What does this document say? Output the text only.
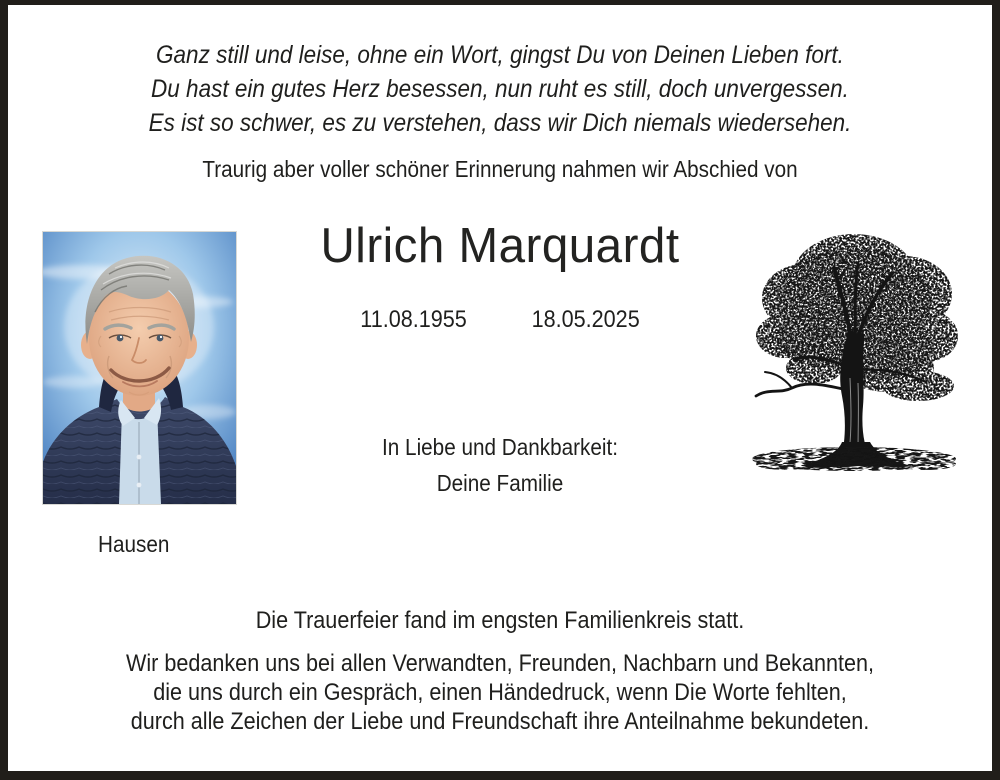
Ganz still und leise, ohne ein Wort, gingst Du von Deinen Lieben fort.
Du hast ein gutes Herz besessen, nun ruht es still, doch unvergessen.
Es ist so schwer, es zu verstehen, dass wir Dich niemals wiedersehen.
Traurig aber voller schöner Erinnerung nahmen wir Abschied von
Ulrich Marquardt
11.08.1955	18.05.2025
In Liebe und Dankbarkeit:
Deine Familie
Hausen
Die Trauerfeier fand im engsten Familienkreis statt.
Wir bedanken uns bei allen Verwandten, Freunden, Nachbarn und Bekannten,
die uns durch ein Gespräch, einen Händedruck, wenn Die Worte fehlten,
durch alle Zeichen der Liebe und Freundschaft ihre Anteilnahme bekundeten.
